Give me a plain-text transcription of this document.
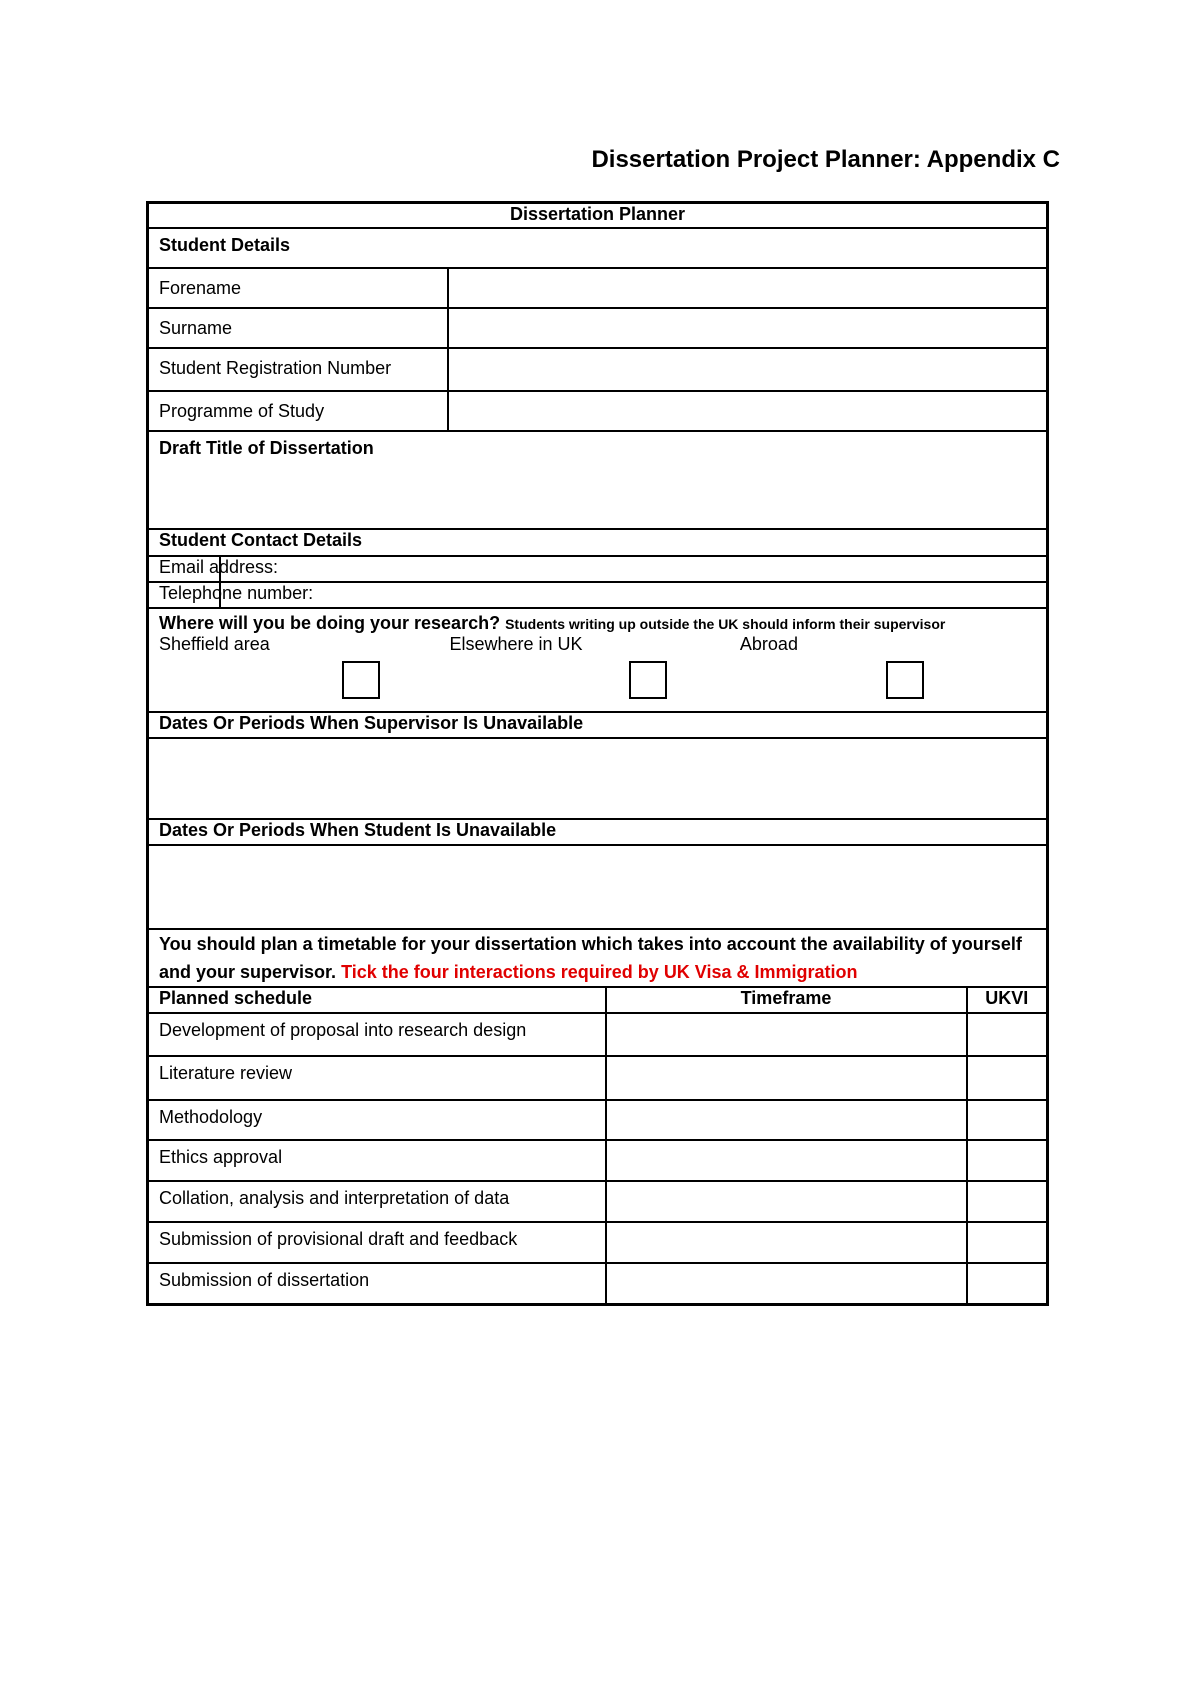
Dissertation Project Planner: Appendix C
Dissertation Planner				
Student Details				
Forename				
Surname				
Student Registration Number				
Programme of Study				

Draft Title of Dissertation				

Student Contact Details				
Email address:				
Telephone number:				

Where will you be doing your research? Students writing up outside the UK should inform their supervisor
Sheffield area Elsewhere in UK Abroad				

Dates Or Periods When Supervisor Is Unavailable				

Dates Or Periods When Student Is Unavailable				

You should plan a timetable for your dissertation which takes into account the availability of yourself and your supervisor. Tick the four interactions required by UK Visa & Immigration				
Planned schedule			Timeframe	UKVI
Development of proposal into research design				
Literature review				
Methodology				
Ethics approval				
Collation, analysis and interpretation of data				
Submission of provisional draft and feedback				
Submission of dissertation				
